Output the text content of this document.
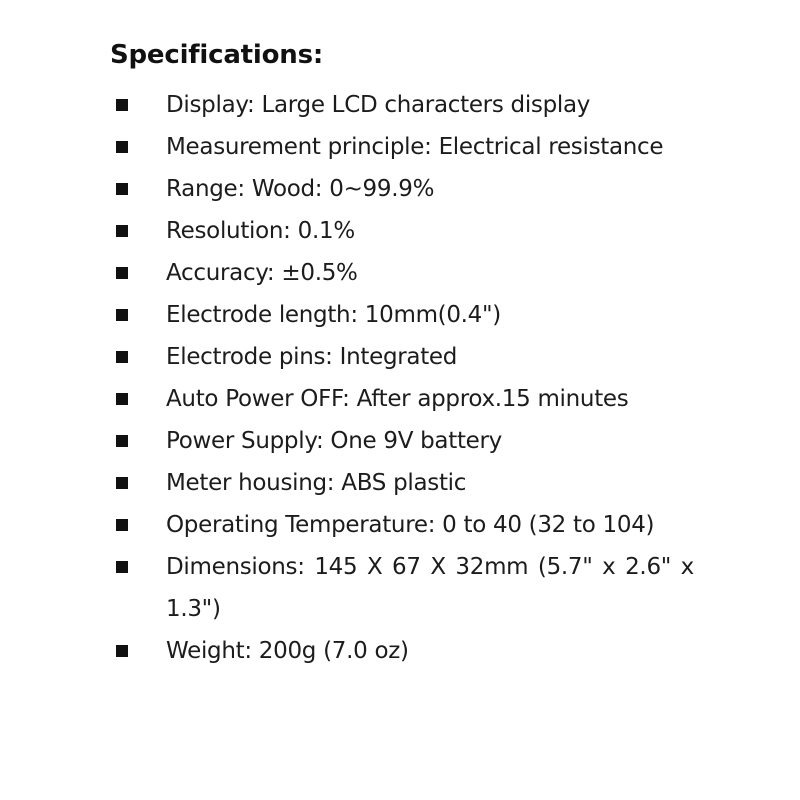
Specifications:
Display: Large LCD characters display
Measurement principle: Electrical resistance
Range: Wood: 0~99.9%
Resolution: 0.1%
Accuracy: ±0.5%
Electrode length: 10mm(0.4")
Electrode pins: Integrated
Auto Power OFF: After approx.15 minutes
Power Supply: One 9V battery
Meter housing: ABS plastic
Operating Temperature: 0 to 40 (32 to 104)
Dimensions: 145 X 67 X 32mm (5.7" x 2.6" x 1.3")
Weight: 200g (7.0 oz)
